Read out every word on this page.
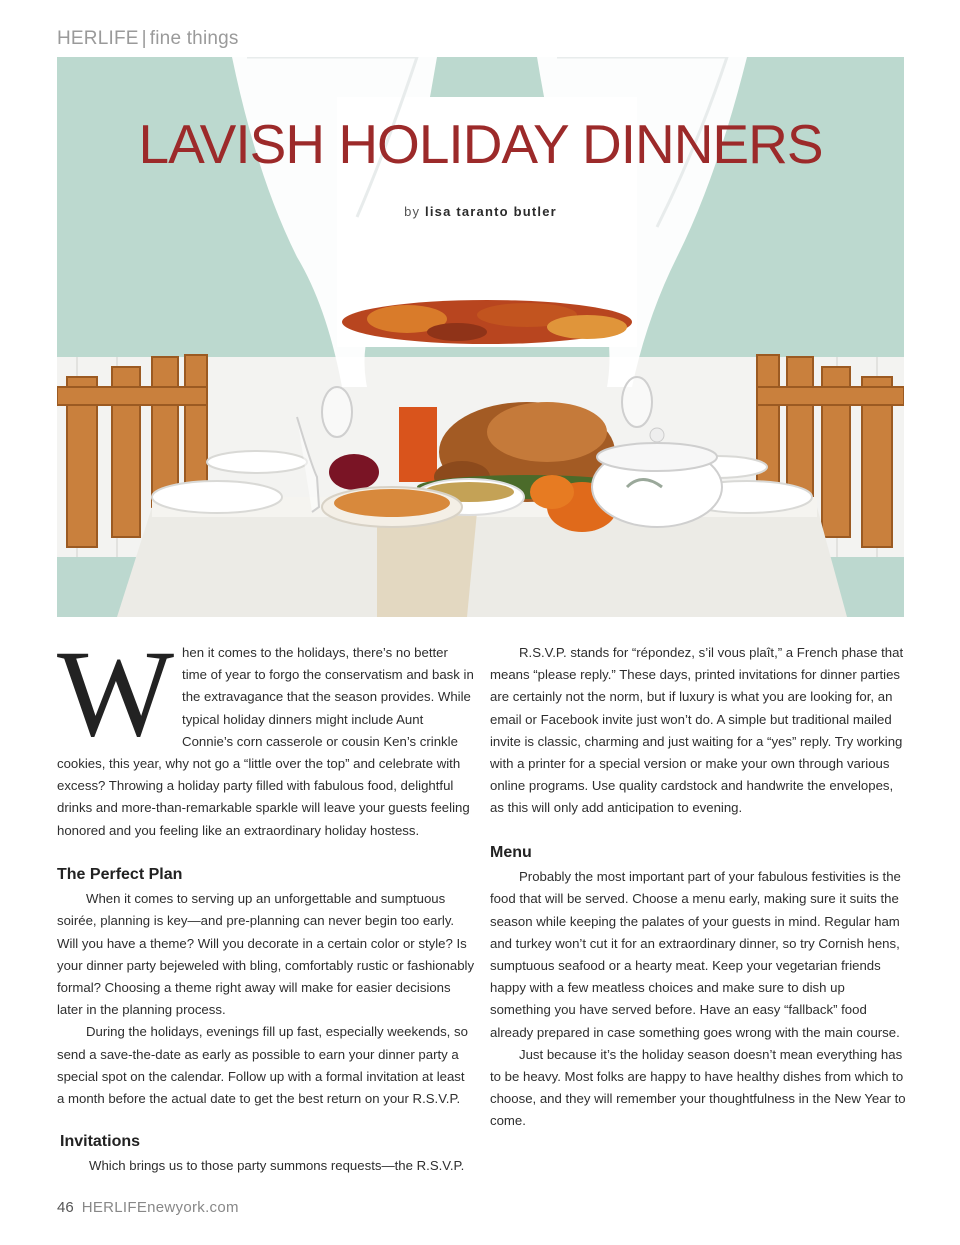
HERLIFE | fine things
LAVISH HOLIDAY DINNERS
by lisa taranto butler

When it comes to the holidays, there’s no better time of year to forgo the conservatism and bask in the extravagance that the season provides. While typical holiday dinners might include Aunt Connie’s corn casserole or cousin Ken’s crinkle cookies, this year, why not go a “little over the top” and celebrate with excess? Throwing a holiday party filled with fabulous food, delightful drinks and more-than-remarkable sparkle will leave your guests feeling honored and you feeling like an extraordinary holiday hostess.

The Perfect Plan

When it comes to serving up an unforgettable and sumptuous soirée, planning is key—and pre-planning can never begin too early. Will you have a theme? Will you decorate in a certain color or style? Is your dinner party bejeweled with bling, comfortably rustic or fashionably formal? Choosing a theme right away will make for easier decisions later in the planning process.

During the holidays, evenings fill up fast, especially weekends, so send a save-the-date as early as possible to earn your dinner party a special spot on the calendar. Follow up with a formal invitation at least a month before the actual date to get the best return on your R.S.V.P.

Invitations

Which brings us to those party summons requests—the R.S.V.P.

R.S.V.P. stands for “répondez, s’il vous plaît,” a French phase that means “please reply.” These days, printed invitations for dinner parties are certainly not the norm, but if luxury is what you are looking for, an email or Facebook invite just won’t do. A simple but traditional mailed invite is classic, charming and just waiting for a “yes” reply. Try working with a printer for a special version or make your own through various online programs. Use quality cardstock and handwrite the envelopes, as this will only add anticipation to evening.

Menu

Probably the most important part of your fabulous festivities is the food that will be served. Choose a menu early, making sure it suits the season while keeping the palates of your guests in mind. Regular ham and turkey won’t cut it for an extraordinary dinner, so try Cornish hens, sumptuous seafood or a hearty meat. Keep your vegetarian friends happy with a few meatless choices and make sure to dish up something you have served before. Have an easy “fallback” food already prepared in case something goes wrong with the main course.

Just because it’s the holiday season doesn’t mean everything has to be heavy. Most folks are happy to have healthy dishes from which to choose, and they will remember your thoughtfulness in the New Year to come.

46 HERLIFEnewyork.com
